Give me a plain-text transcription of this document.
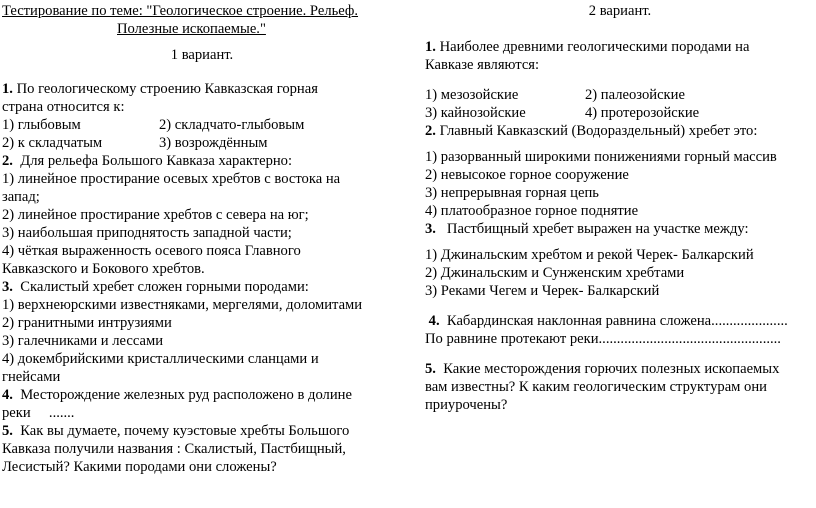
Тестирование по теме: "Геологическое строение. Рельеф.
Полезные ископаемые."
1 вариант.
1. По геологическому строению Кавказская горная
страна относится к:
1) глыбовым	2) складчато-глыбовым
2) к складчатым	3) возрождённым
2. Для рельефа Большого Кавказа характерно:
1) линейное простирание осевых хребтов с востока на
запад;
2) линейное простирание хребтов с севера на юг;
3) наибольшая приподнятость западной части;
4) чёткая выраженность осевого пояса Главного
Кавказского и Бокового хребтов.
3. Скалистый хребет сложен горными породами:
1) верхнеюрскими известняками, мергелями, доломитами
2) гранитными интрузиями
3) галечниками и лессами
4) докембрийскими кристаллическими сланцами и
гнейсами
4. Месторождение железных руд расположено в долине
реки     .......
5. Как вы думаете, почему куэстовые хребты Большого
Кавказа получили названия : Скалистый, Пастбищный,
Лесистый? Какими породами они сложены?
2 вариант.
1. Наиболее древними геологическими породами на
Кавказе являются:
1) мезозойские	2) палеозойские
3) кайнозойские	4) протерозойские
2. Главный Кавказский (Водораздельный) хребет это:
1) разорванный широкими понижениями горный массив
2) невысокое горное сооружение
3) непрерывная горная цепь
4) платообразное горное поднятие
3. Пастбищный хребет выражен на участке между:
1) Джинальским хребтом и рекой Черек- Балкарский
2) Джинальским и Сунженским хребтами
3) Реками Чегем и Черек- Балкарский
4. Кабардинская наклонная равнина сложена.....................
По равнине протекают реки..................................................
5. Какие месторождения горючих полезных ископаемых
вам известны? К каким геологическим структурам они
приурочены?
